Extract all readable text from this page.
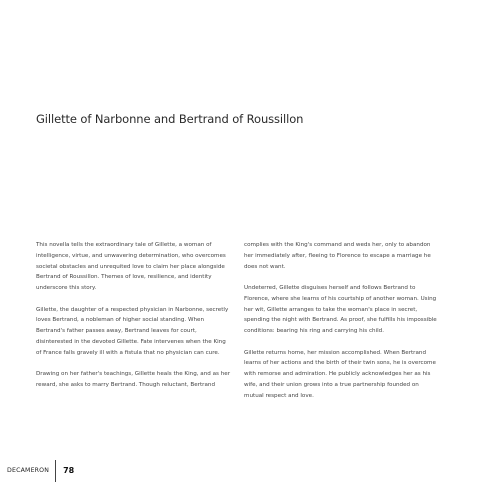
Gillette of Narbonne and Bertrand of Roussillon

This novella tells the extraordinary tale of Gillette, a woman of intelligence, virtue, and unwavering determination, who overcomes societal obstacles and unrequited love to claim her place alongside Bertrand of Roussillon. Themes of love, resilience, and identity underscore this story.

Gillette, the daughter of a respected physician in Narbonne, secretly loves Bertrand, a nobleman of higher social standing. When Bertrand's father passes away, Bertrand leaves for court, disinterested in the devoted Gillette. Fate intervenes when the King of France falls gravely ill with a fistula that no physician can cure.

Drawing on her father's teachings, Gillette heals the King, and as her reward, she asks to marry Bertrand. Though reluctant, Bertrand

complies with the King's command and weds her, only to abandon her immediately after, fleeing to Florence to escape a marriage he does not want.

Undeterred, Gillette disguises herself and follows Bertrand to Florence, where she learns of his courtship of another woman. Using her wit, Gillette arranges to take the woman's place in secret, spending the night with Bertrand. As proof, she fulfills his impossible conditions: bearing his ring and carrying his child.

Gillette returns home, her mission accomplished. When Bertrand learns of her actions and the birth of their twin sons, he is overcome with remorse and admiration. He publicly acknowledges her as his wife, and their union grows into a true partnership founded on mutual respect and love.

DECAMERON	78
